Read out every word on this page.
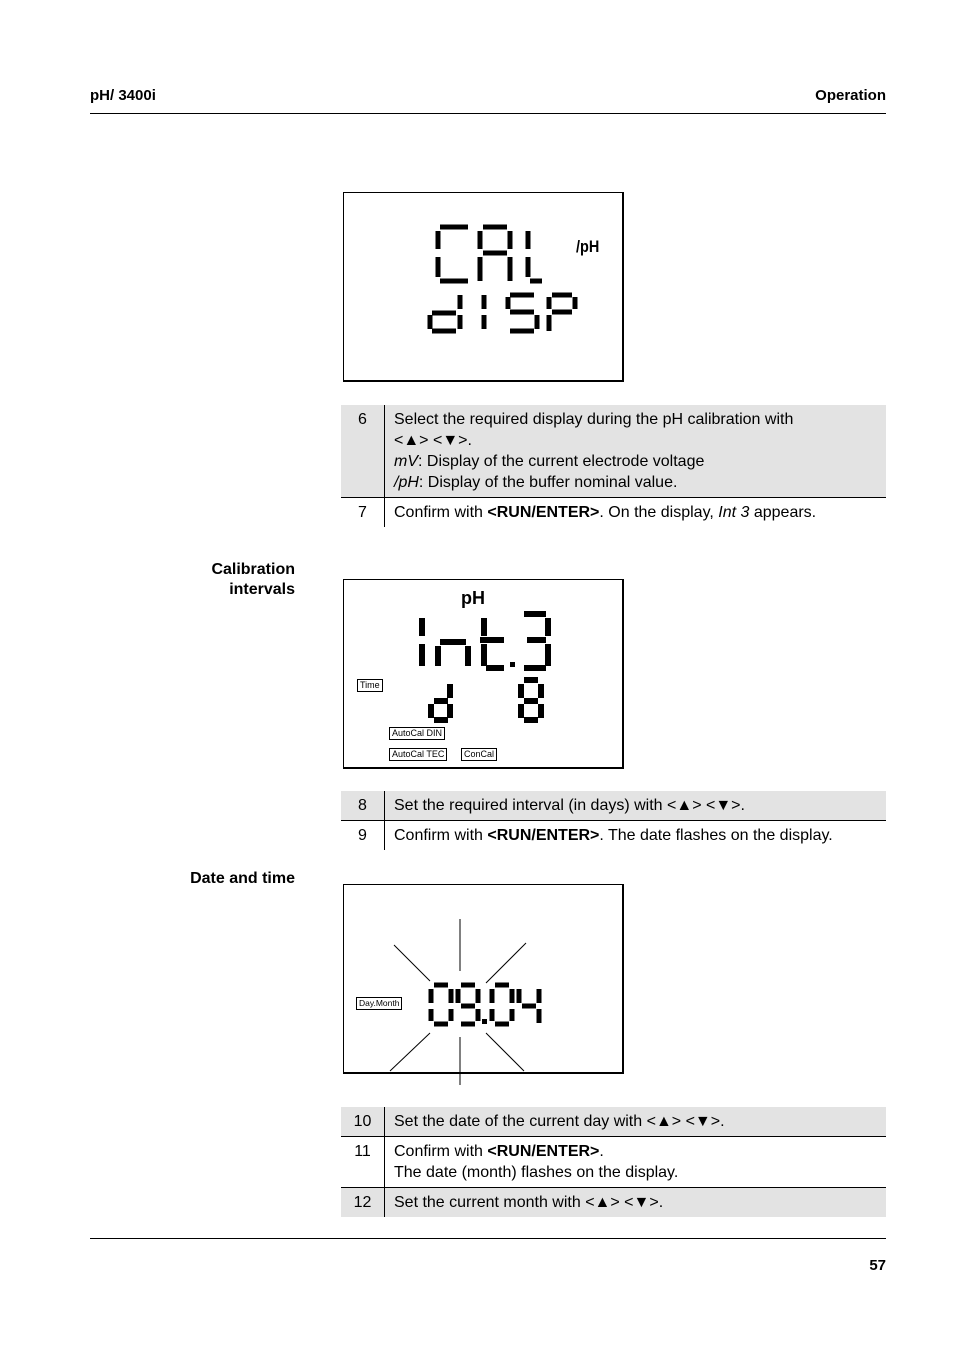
pH/ 3400i	Operation
/pH
6	Select the required display during the pH calibration with
<▲> <▼>.
mV: Display of the current electrode voltage
/pH: Display of the buffer nominal value.
7	Confirm with <RUN/ENTER>. On the display, Int 3 appears.
Calibration
intervals	pH
Time
AutoCal DIN
AutoCal TEC	ConCal
8	Set the required interval (in days) with <▲> <▼>.
9	Confirm with <RUN/ENTER>. The date flashes on the display.
Date and time
Day.Month
10	Set the date of the current day with <▲> <▼>.
11	Confirm with <RUN/ENTER>.
The date (month) flashes on the display.
12	Set the current month with <▲> <▼>.
57
